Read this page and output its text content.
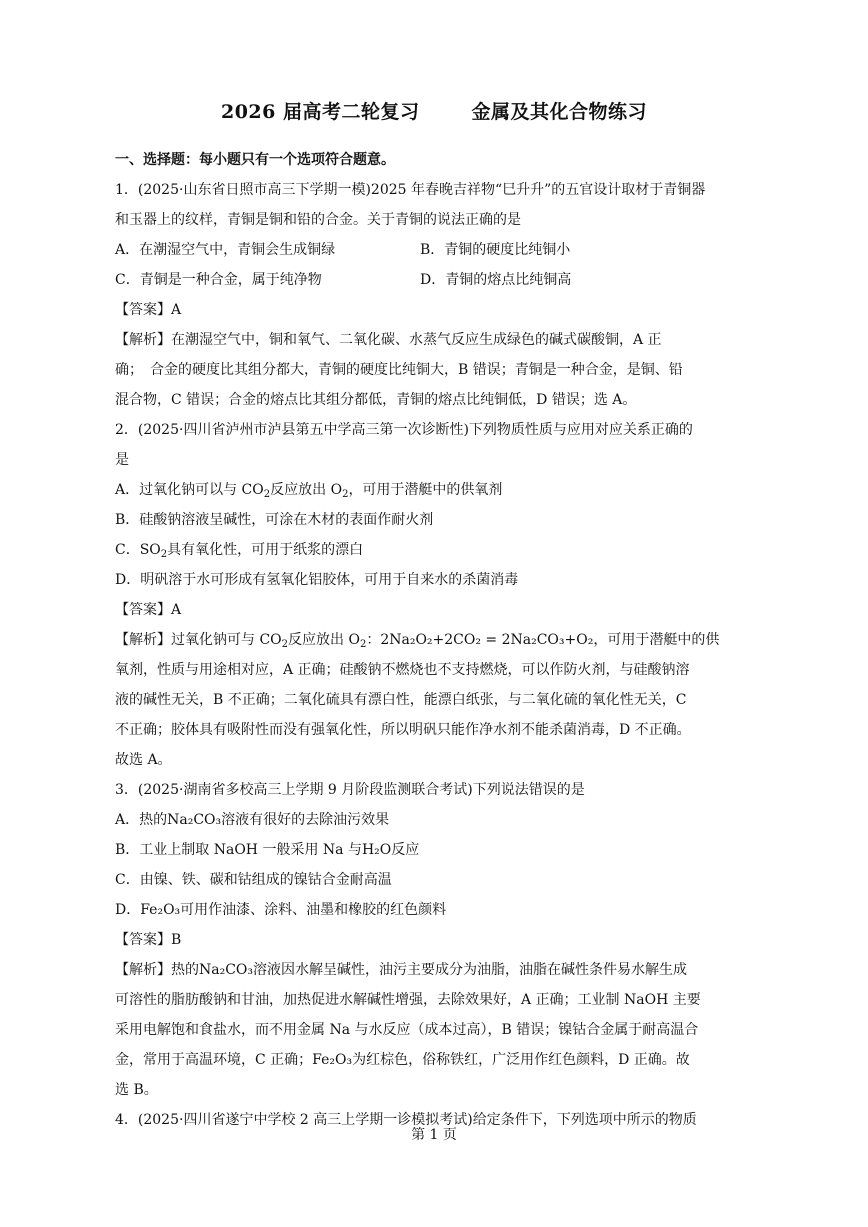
2026 届高考二轮复习	金属及其化合物练习
一、选择题：每小题只有一个选项符合题意。
1．(2025·山东省日照市高三下学期一模)2025 年春晚吉祥物“巳升升”的五官设计取材于青铜器
和玉器上的纹样，青铜是铜和铅的合金。关于青铜的说法正确的是
A．在潮湿空气中，青铜会生成铜绿	B．青铜的硬度比纯铜小
C．青铜是一种合金，属于纯净物	D．青铜的熔点比纯铜高
【答案】A
【解析】在潮湿空气中，铜和氧气、二氧化碳、水蒸气反应生成绿色的碱式碳酸铜，A 正
确；　合金的硬度比其组分都大，青铜的硬度比纯铜大，B 错误；青铜是一种合金，是铜、铅
混合物，C 错误；合金的熔点比其组分都低，青铜的熔点比纯铜低，D 错误；选 A。
2．(2025·四川省泸州市泸县第五中学高三第一次诊断性)下列物质性质与应用对应关系正确的
是
A．过氧化钠可以与 $CO_2$反应放出 $O_2$，可用于潜艇中的供氧剂
B．硅酸钠溶液呈碱性，可涂在木材的表面作耐火剂
C．$SO_2$具有氧化性，可用于纸浆的漂白
D．明矾溶于水可形成有氢氧化铝胶体，可用于自来水的杀菌消毒
【答案】A
【解析】过氧化钠可与 $CO_2$反应放出 $O_2$：2Na₂O₂+2CO₂ = 2Na₂CO₃+O₂，可用于潜艇中的供
氧剂，性质与用途相对应，A 正确；硅酸钠不燃烧也不支持燃烧，可以作防火剂，与硅酸钠溶
液的碱性无关，B 不正确；二氧化硫具有漂白性，能漂白纸张，与二氧化硫的氧化性无关，C
不正确；胶体具有吸附性而没有强氧化性，所以明矾只能作净水剂不能杀菌消毒，D 不正确。
故选 A。
3．(2025·湖南省多校高三上学期 9 月阶段监测联合考试)下列说法错误的是
A．热的Na₂CO₃溶液有很好的去除油污效果
B．工业上制取 NaOH 一般采用 Na 与H₂O反应
C．由镍、铁、碳和钴组成的镍钴合金耐高温
D．Fe₂O₃可用作油漆、涂料、油墨和橡胶的红色颜料
【答案】B
【解析】热的Na₂CO₃溶液因水解呈碱性，油污主要成分为油脂，油脂在碱性条件易水解生成
可溶性的脂肪酸钠和甘油，加热促进水解碱性增强，去除效果好，A 正确；工业制 NaOH 主要
采用电解饱和食盐水，而不用金属 Na 与水反应（成本过高），B 错误；镍钴合金属于耐高温合
金，常用于高温环境，C 正确；Fe₂O₃为红棕色，俗称铁红，广泛用作红色颜料，D 正确。故
选 B。
4．(2025·四川省遂宁中学校 2 高三上学期一诊模拟考试)给定条件下，下列选项中所示的物质
第 1 页
